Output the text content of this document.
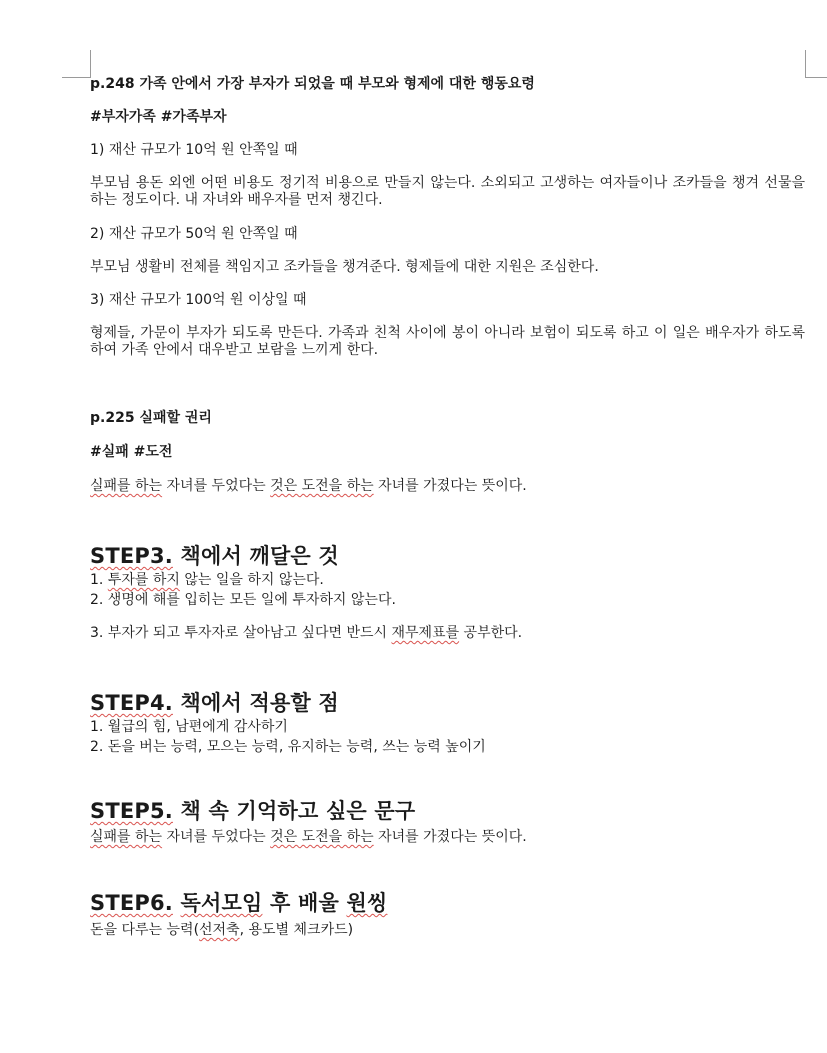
p.248 가족 안에서 가장 부자가 되었을 때 부모와 형제에 대한 행동요령

#부자가족 #가족부자

1) 재산 규모가 10억 원 안쪽일 때

부모님 용돈 외엔 어떤 비용도 정기적 비용으로 만들지 않는다. 소외되고 고생하는 여자들이나 조카들을 챙겨 선물을 하는 정도이다. 내 자녀와 배우자를 먼저 챙긴다.

2) 재산 규모가 50억 원 안쪽일 때

부모님 생활비 전체를 책임지고 조카들을 챙겨준다. 형제들에 대한 지원은 조심한다.

3) 재산 규모가 100억 원 이상일 때

형제들, 가문이 부자가 되도록 만든다. 가족과 친척 사이에 봉이 아니라 보험이 되도록 하고 이 일은 배우자가 하도록 하여 가족 안에서 대우받고 보람을 느끼게 한다.

p.225 실패할 권리

#실패 #도전

실패를 하는 자녀를 두었다는 것은 도전을 하는 자녀를 가졌다는 뜻이다.

STEP3. 책에서 깨달은 것

1. 투자를 하지 않는 일을 하지 않는다.

2. 생명에 해를 입히는 모든 일에 투자하지 않는다.

3. 부자가 되고 투자자로 살아남고 싶다면 반드시 재무제표를 공부한다.

STEP4. 책에서 적용할 점

1. 월급의 힘, 남편에게 감사하기

2. 돈을 버는 능력, 모으는 능력, 유지하는 능력, 쓰는 능력 높이기

STEP5. 책 속 기억하고 싶은 문구

실패를 하는 자녀를 두었다는 것은 도전을 하는 자녀를 가졌다는 뜻이다.

STEP6. 독서모임 후 배울 원씽

돈을 다루는 능력(선저축, 용도별 체크카드)
